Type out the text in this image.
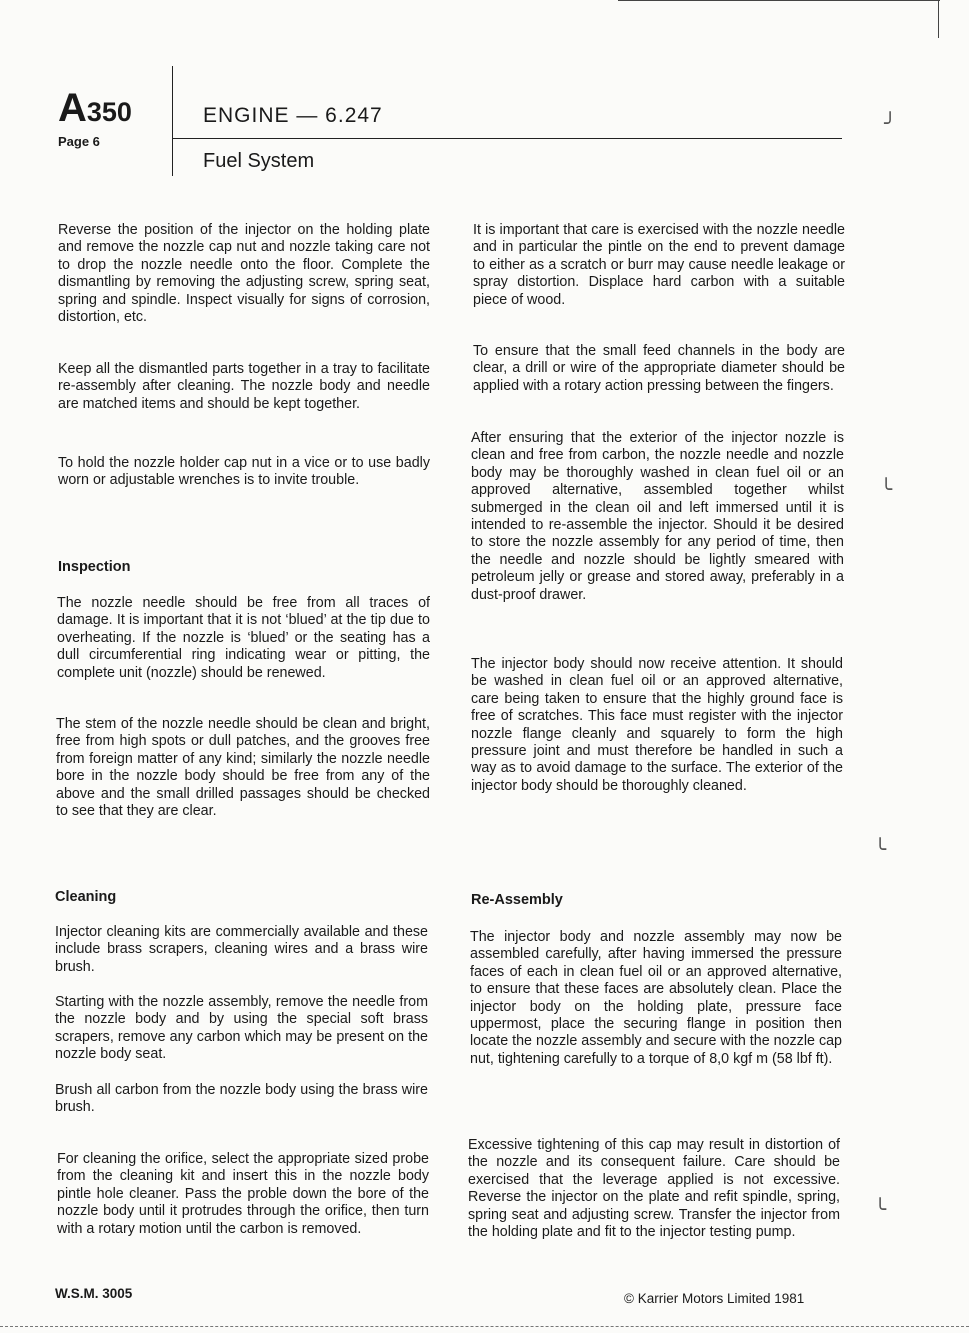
A350
Page 6
ENGINE — 6.247
Fuel System

Reverse the position of the injector on the holding plate and remove the nozzle cap nut and nozzle taking care not to drop the nozzle needle onto the floor. Complete the dismantling by removing the adjusting screw, spring seat, spring and spindle. Inspect visually for signs of corrosion, distortion, etc.

Keep all the dismantled parts together in a tray to facilitate re-assembly after cleaning. The nozzle body and needle are matched items and should be kept together.

To hold the nozzle holder cap nut in a vice or to use badly worn or adjustable wrenches is to invite trouble.

Inspection

The nozzle needle should be free from all traces of damage. It is important that it is not ‘blued’ at the tip due to overheating. If the nozzle is ‘blued’ or the seating has a dull circumferential ring indicating wear or pitting, the complete unit (nozzle) should be renewed.

The stem of the nozzle needle should be clean and bright, free from high spots or dull patches, and the grooves free from foreign matter of any kind; similarly the nozzle needle bore in the nozzle body should be free from any of the above and the small drilled passages should be checked to see that they are clear.

Cleaning

Injector cleaning kits are commercially available and these include brass scrapers, cleaning wires and a brass wire brush.

Starting with the nozzle assembly, remove the needle from the nozzle body and by using the special soft brass scrapers, remove any carbon which may be present on the nozzle body seat.

Brush all carbon from the nozzle body using the brass wire brush.

For cleaning the orifice, select the appropriate sized probe from the cleaning kit and insert this in the nozzle body pintle hole cleaner. Pass the proble down the bore of the nozzle body until it protrudes through the orifice, then turn with a rotary motion until the carbon is removed.

It is important that care is exercised with the nozzle needle and in particular the pintle on the end to prevent damage to either as a scratch or burr may cause needle leakage or spray distortion. Displace hard carbon with a suitable piece of wood.

To ensure that the small feed channels in the body are clear, a drill or wire of the appropriate diameter should be applied with a rotary action pressing between the fingers.

After ensuring that the exterior of the injector nozzle is clean and free from carbon, the nozzle needle and nozzle body may be thoroughly washed in clean fuel oil or an approved alternative, assembled together whilst submerged in the clean oil and left immersed until it is intended to re-assemble the injector. Should it be desired to store the nozzle assembly for any period of time, then the needle and nozzle should be lightly smeared with petroleum jelly or grease and stored away, preferably in a dust-proof drawer.

The injector body should now receive attention. It should be washed in clean fuel oil or an approved alternative, care being taken to ensure that the highly ground face is free of scratches. This face must register with the injector nozzle flange cleanly and squarely to form the high pressure joint and must therefore be handled in such a way as to avoid damage to the surface. The exterior of the injector body should be thoroughly cleaned.

Re-Assembly

The injector body and nozzle assembly may now be assembled carefully, after having immersed the pressure faces of each in clean fuel oil or an approved alternative, to ensure that these faces are absolutely clean. Place the injector body on the holding plate, pressure face uppermost, place the securing flange in position then locate the nozzle assembly and secure with the nozzle cap nut, tightening carefully to a torque of 8,0 kgf m (58 lbf ft).

Excessive tightening of this cap may result in distortion of the nozzle and its consequent failure. Care should be exercised that the leverage applied is not excessive. Reverse the injector on the plate and refit spindle, spring, spring seat and adjusting screw. Transfer the injector from the holding plate and fit to the injector testing pump.

W.S.M. 3005	© Karrier Motors Limited 1981
╯
╰
╰
╰
